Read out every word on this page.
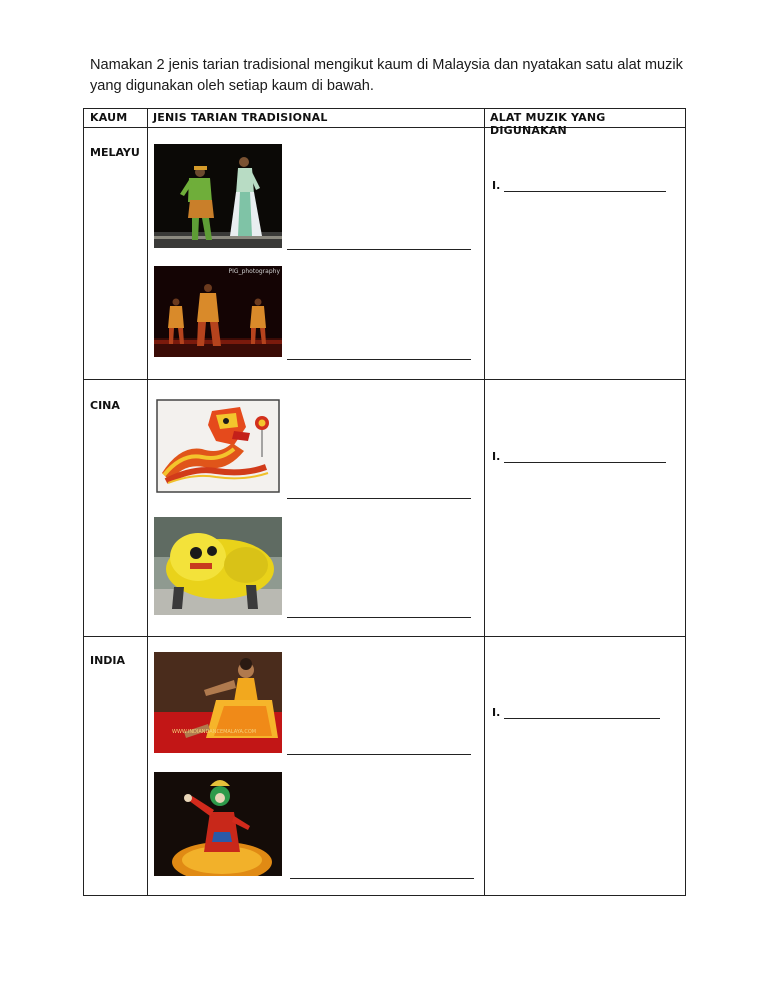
Namakan 2 jenis tarian tradisional mengikut kaum di Malaysia dan nyatakan satu alat muzik yang digunakan oleh setiap kaum di bawah.
KAUM JENIS TARIAN TRADISIONAL	ALAT MUZIK YANG DIGUNAKAN
MELAYU
PIG_photography
I.
CINA
I.
INDIA
WWW.INDIANDANCEMALAYA.COM
I.
